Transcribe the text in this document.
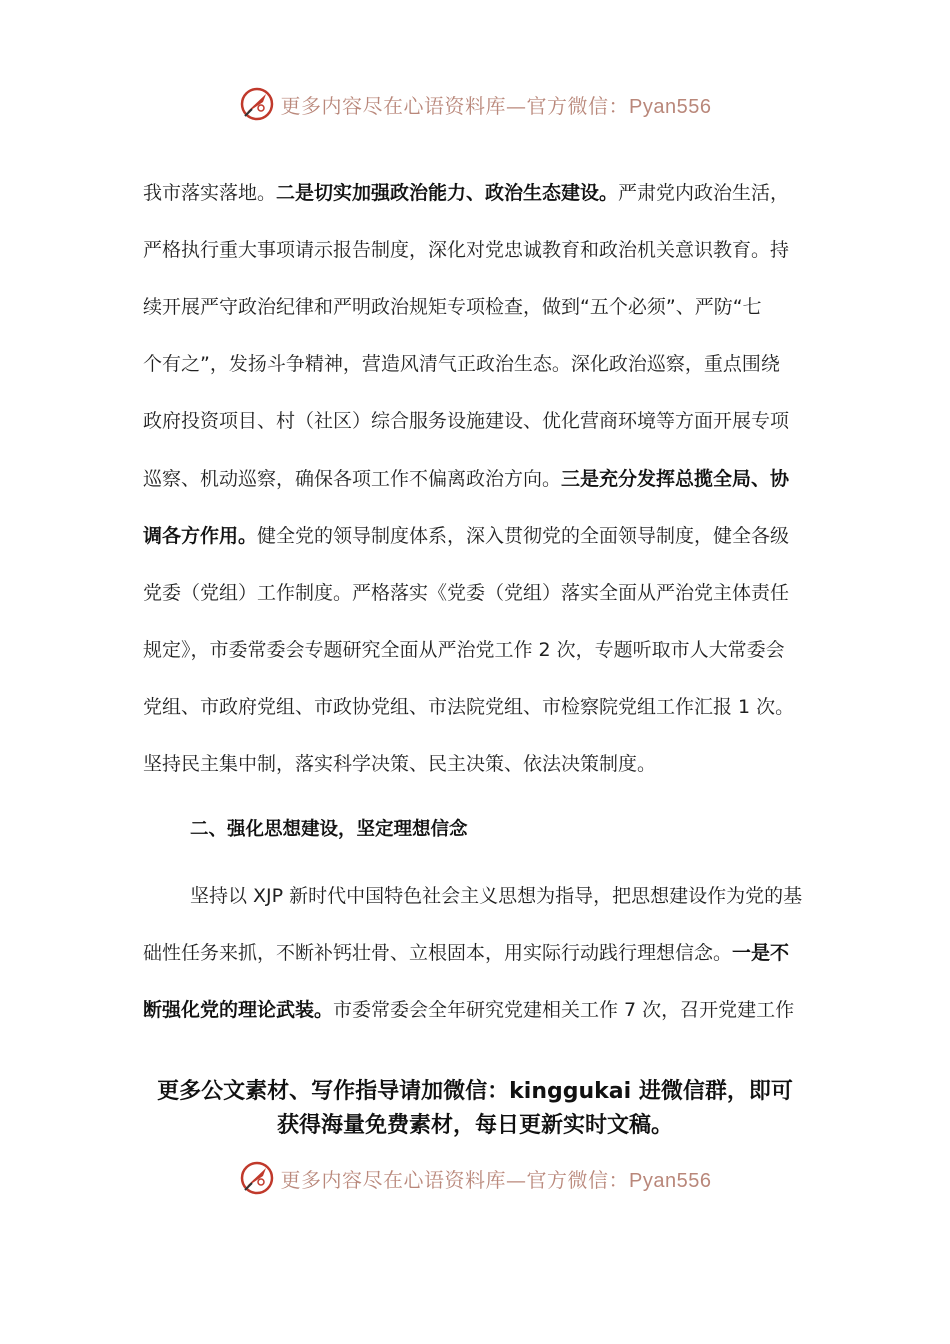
更多内容尽在心语资料库—官方微信：Pyan556
我市落实落地。二是切实加强政治能力、政治生态建设。严肃党内政治生活，
严格执行重大事项请示报告制度，深化对党忠诚教育和政治机关意识教育。持
续开展严守政治纪律和严明政治规矩专项检查，做到“五个必须”、严防“七
个有之”，发扬斗争精神，营造风清气正政治生态。深化政治巡察，重点围绕
政府投资项目、村（社区）综合服务设施建设、优化营商环境等方面开展专项
巡察、机动巡察，确保各项工作不偏离政治方向。三是充分发挥总揽全局、协
调各方作用。健全党的领导制度体系，深入贯彻党的全面领导制度，健全各级
党委（党组）工作制度。严格落实《党委（党组）落实全面从严治党主体责任
规定》，市委常委会专题研究全面从严治党工作 2 次，专题听取市人大常委会
党组、市政府党组、市政协党组、市法院党组、市检察院党组工作汇报 1 次。
坚持民主集中制，落实科学决策、民主决策、依法决策制度。
二、强化思想建设，坚定理想信念
坚持以 XJP 新时代中国特色社会主义思想为指导，把思想建设作为党的基
础性任务来抓，不断补钙壮骨、立根固本，用实际行动践行理想信念。一是不
断强化党的理论武装。市委常委会全年研究党建相关工作 7 次，召开党建工作
更多公文素材、写作指导请加微信：kinggukai 进微信群，即可
获得海量免费素材，每日更新实时文稿。
更多内容尽在心语资料库—官方微信：Pyan556
